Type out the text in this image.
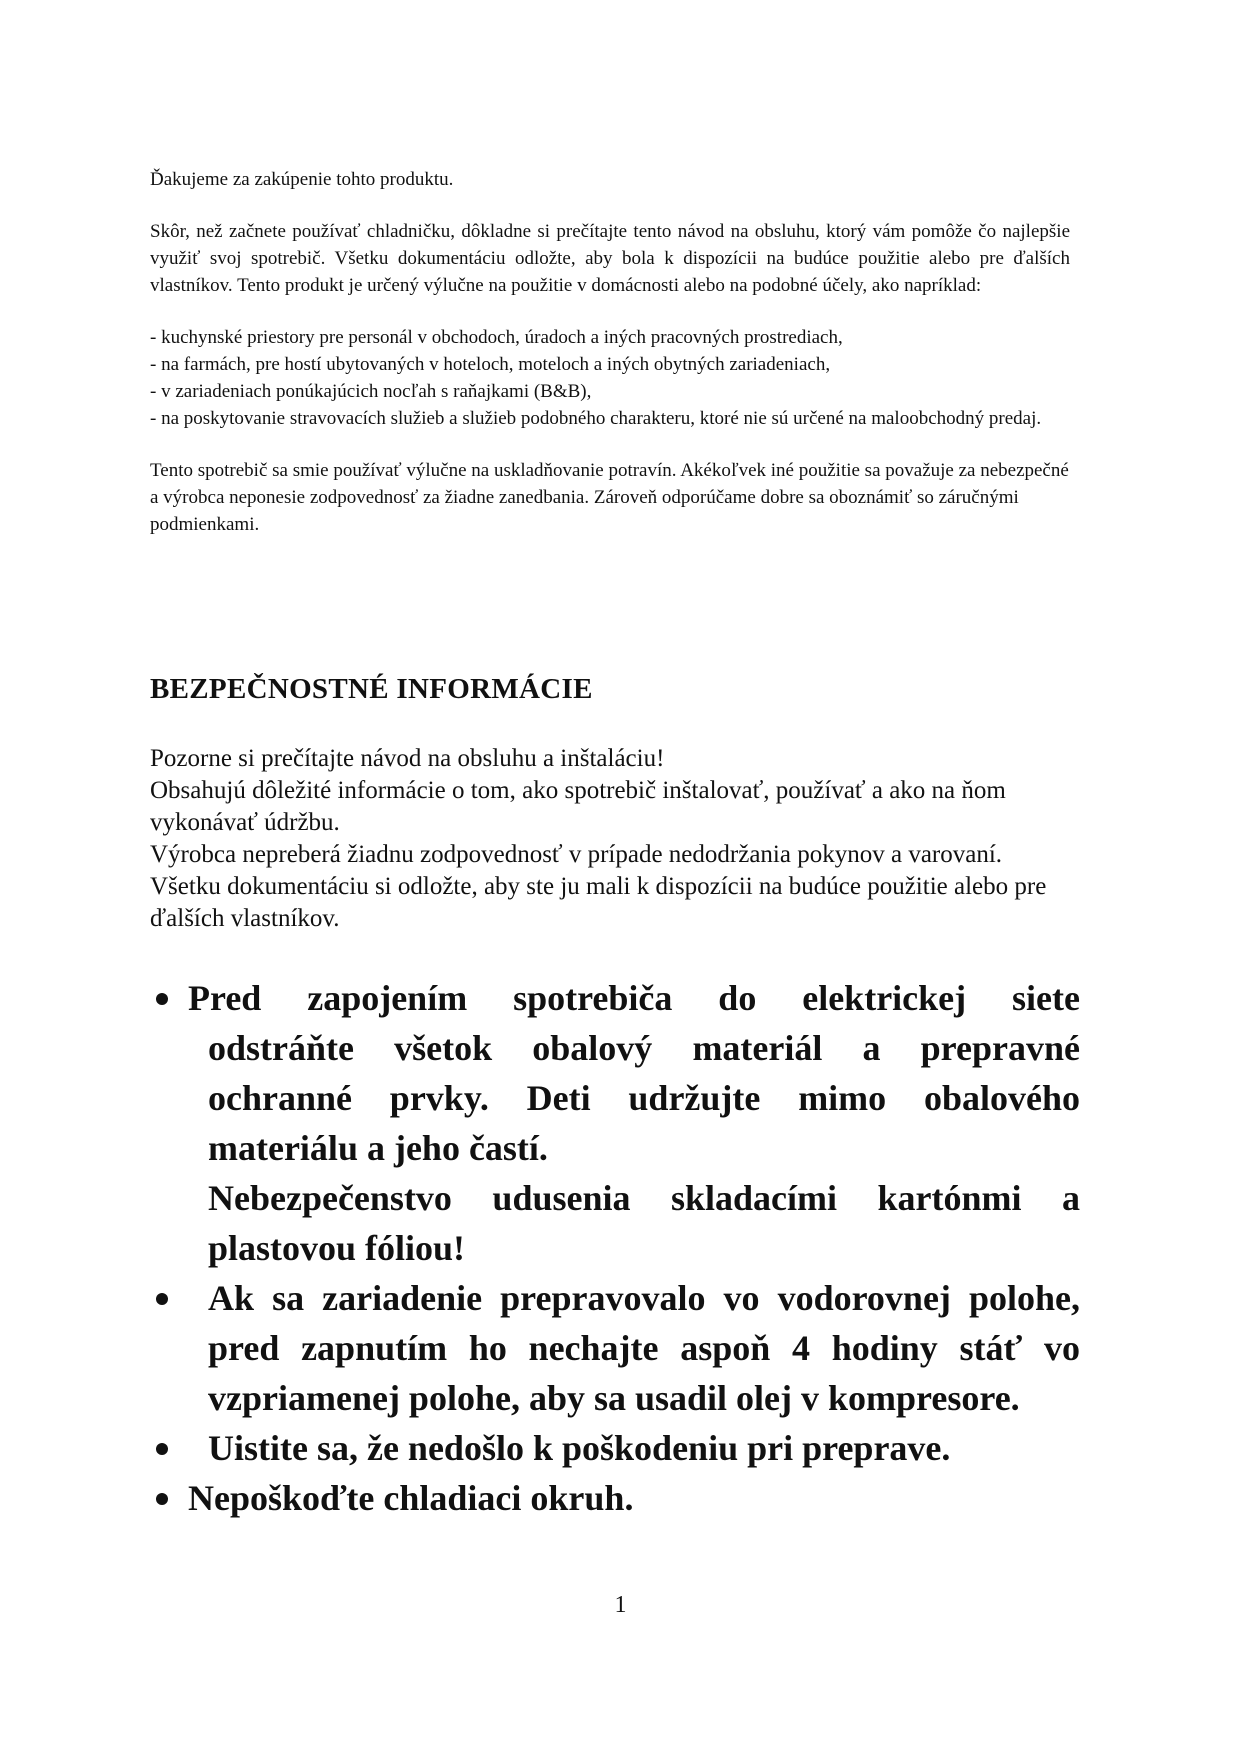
Ďakujeme za zakúpenie tohto produktu.

Skôr, než začnete používať chladničku, dôkladne si prečítajte tento návod na obsluhu, ktorý vám pomôže čo najlepšie využiť svoj spotrebič. Všetku dokumentáciu odložte, aby bola k dispozícii na budúce použitie alebo pre ďalších vlastníkov. Tento produkt je určený výlučne na použitie v domácnosti alebo na podobné účely, ako napríklad:

- kuchynské priestory pre personál v obchodoch, úradoch a iných pracovných prostrediach,
- na farmách, pre hostí ubytovaných v hoteloch, moteloch a iných obytných zariadeniach,
- v zariadeniach ponúkajúcich nocľah s raňajkami (B&B),
- na poskytovanie stravovacích služieb a služieb podobného charakteru, ktoré nie sú určené na maloobchodný predaj.

Tento spotrebič sa smie používať výlučne na uskladňovanie potravín. Akékoľvek iné použitie sa považuje za nebezpečné a výrobca neponesie zodpovednosť za žiadne zanedbania. Zároveň odporúčame dobre sa oboznámiť so záručnými podmienkami.

BEZPEČNOSTNÉ INFORMÁCIE

Pozorne si prečítajte návod na obsluhu a inštaláciu!

Obsahujú dôležité informácie o tom, ako spotrebič inštalovať, používať a ako na ňom vykonávať údržbu.

Výrobca nepreberá žiadnu zodpovednosť v prípade nedodržania pokynov a varovaní.

Všetku dokumentáciu si odložte, aby ste ju mali k dispozícii na budúce použitie alebo pre ďalších vlastníkov.

Pred zapojením spotrebiča do elektrickej siete
odstráňte všetok obalový materiál a prepravné
ochranné prvky. Deti udržujte mimo obalového
materiálu a jeho častí.
Nebezpečenstvo udusenia skladacími kartónmi a
plastovou fóliou!
Ak sa zariadenie prepravovalo vo vodorovnej polohe,
pred zapnutím ho nechajte aspoň 4 hodiny stáť vo
vzpriamenej polohe, aby sa usadil olej v kompresore.
Uistite sa, že nedošlo k poškodeniu pri preprave.
Nepoškoďte chladiaci okruh.
1
